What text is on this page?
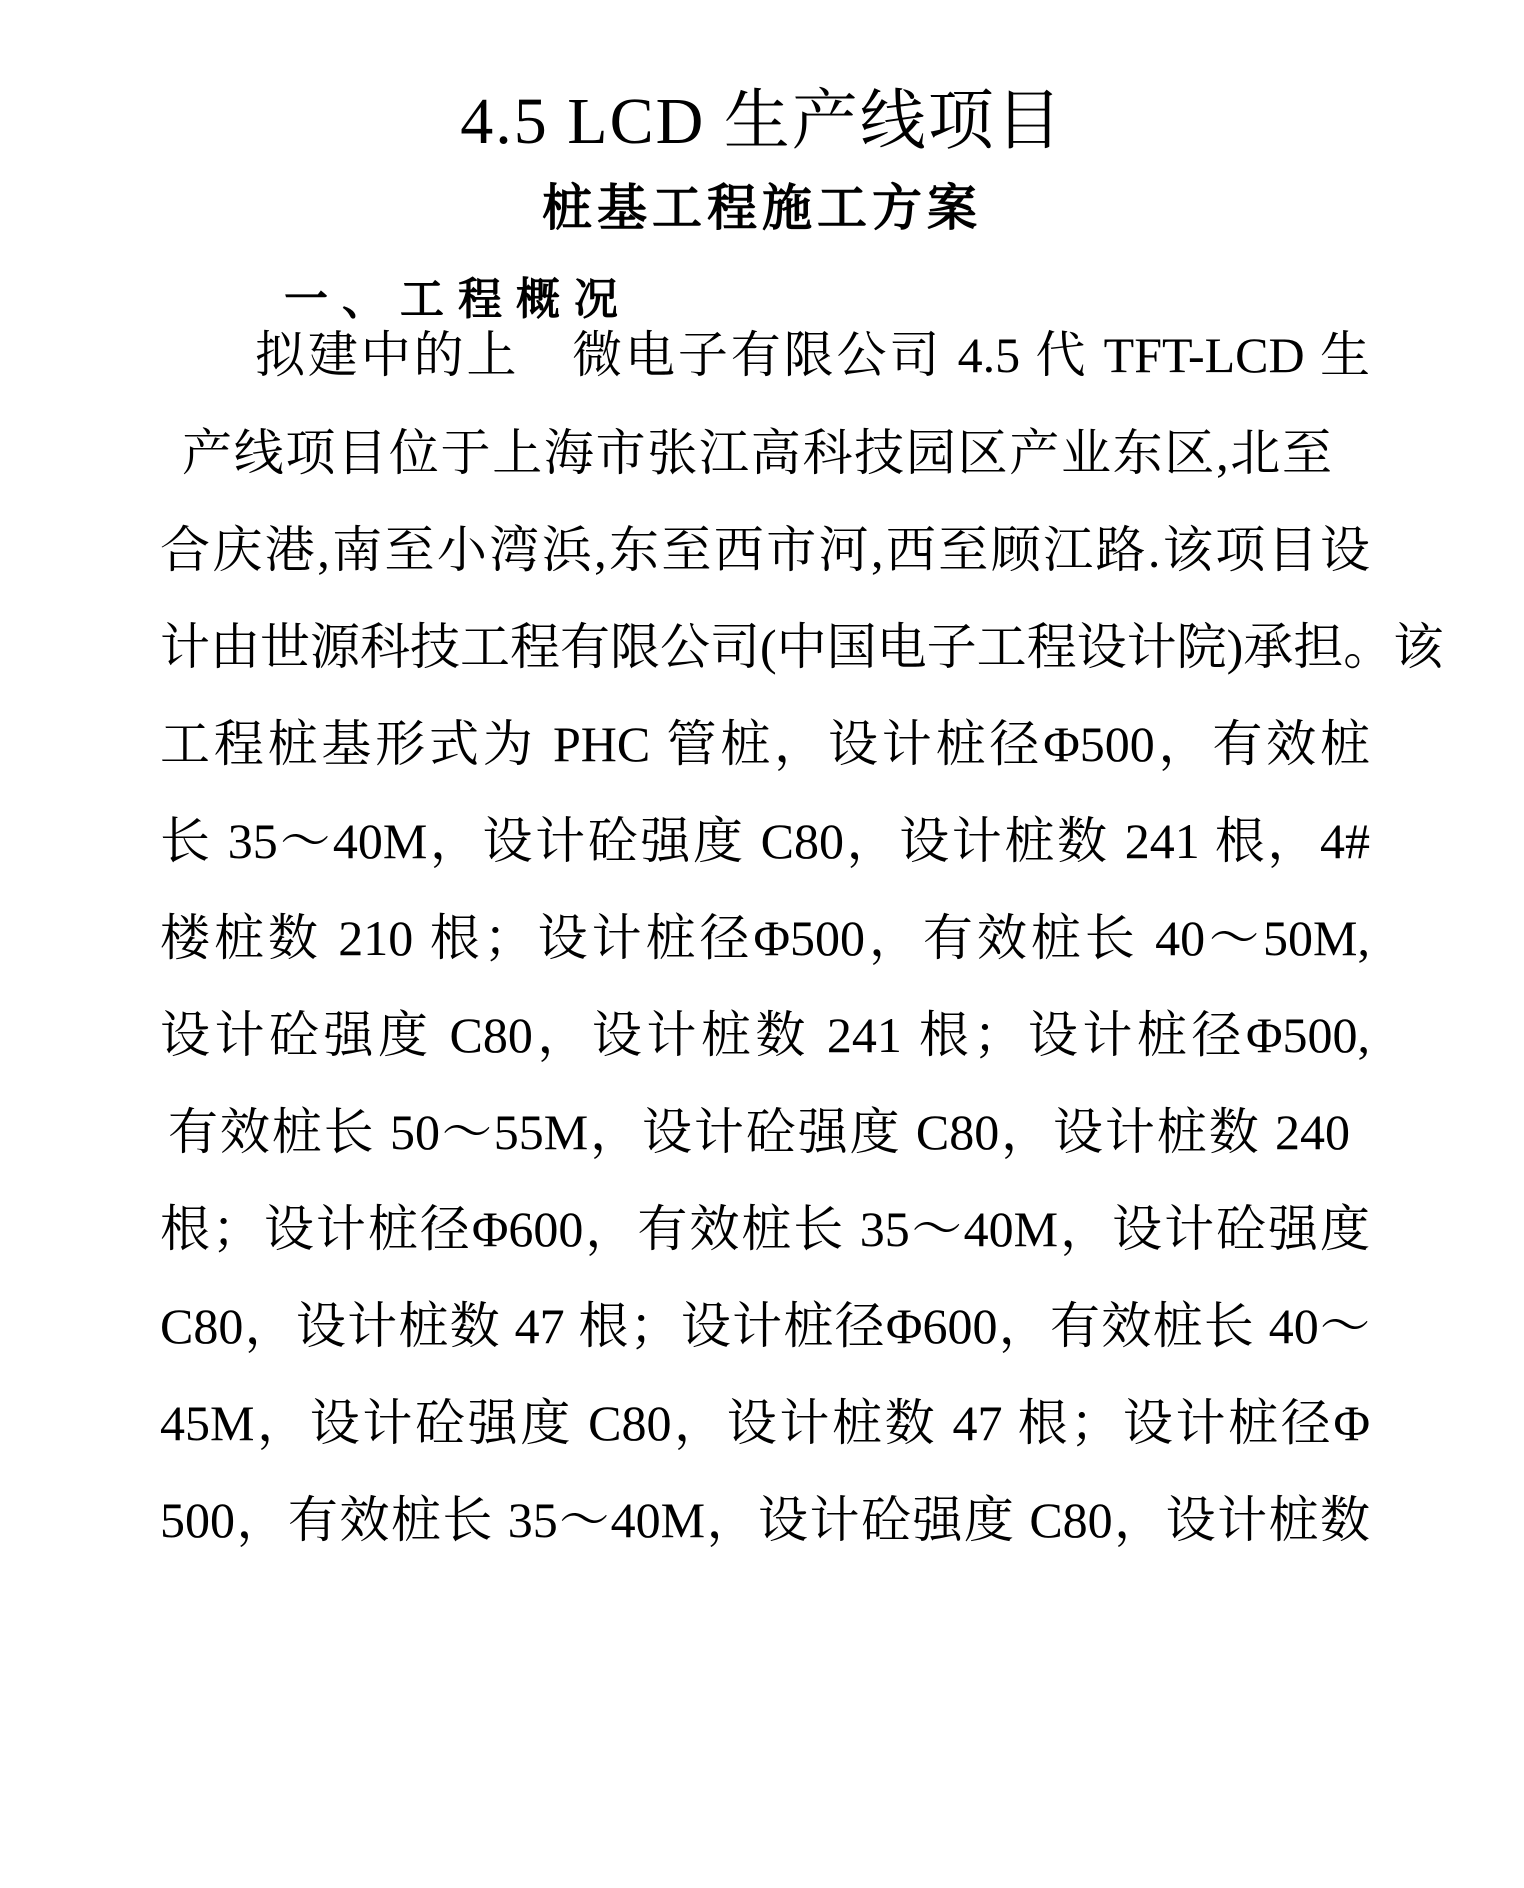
4.5 LCD 生产线项目
桩基工程施工方案
一、工程概况
拟建中的上　微电子有限公司 4.5 代 TFT-LCD 生
产线项目位于上海市张江高科技园区产业东区,北至
合庆港,南至小湾浜,东至西市河,西至顾江路.该项目设
计由世源科技工程有限公司(中国电子工程设计院)承担。该
工程桩基形式为 PHC 管桩，设计桩径Φ500，有效桩
长 35～40M，设计砼强度 C80，设计桩数 241 根，4#
楼桩数 210 根；设计桩径Φ500，有效桩长 40～50M,
设计砼强度 C80，设计桩数 241 根；设计桩径Φ500,
有效桩长 50～55M，设计砼强度 C80，设计桩数 240
根；设计桩径Φ600，有效桩长 35～40M，设计砼强度
C80，设计桩数 47 根；设计桩径Φ600，有效桩长 40～
45M，设计砼强度 C80，设计桩数 47 根；设计桩径Φ
500，有效桩长 35～40M，设计砼强度 C80，设计桩数
